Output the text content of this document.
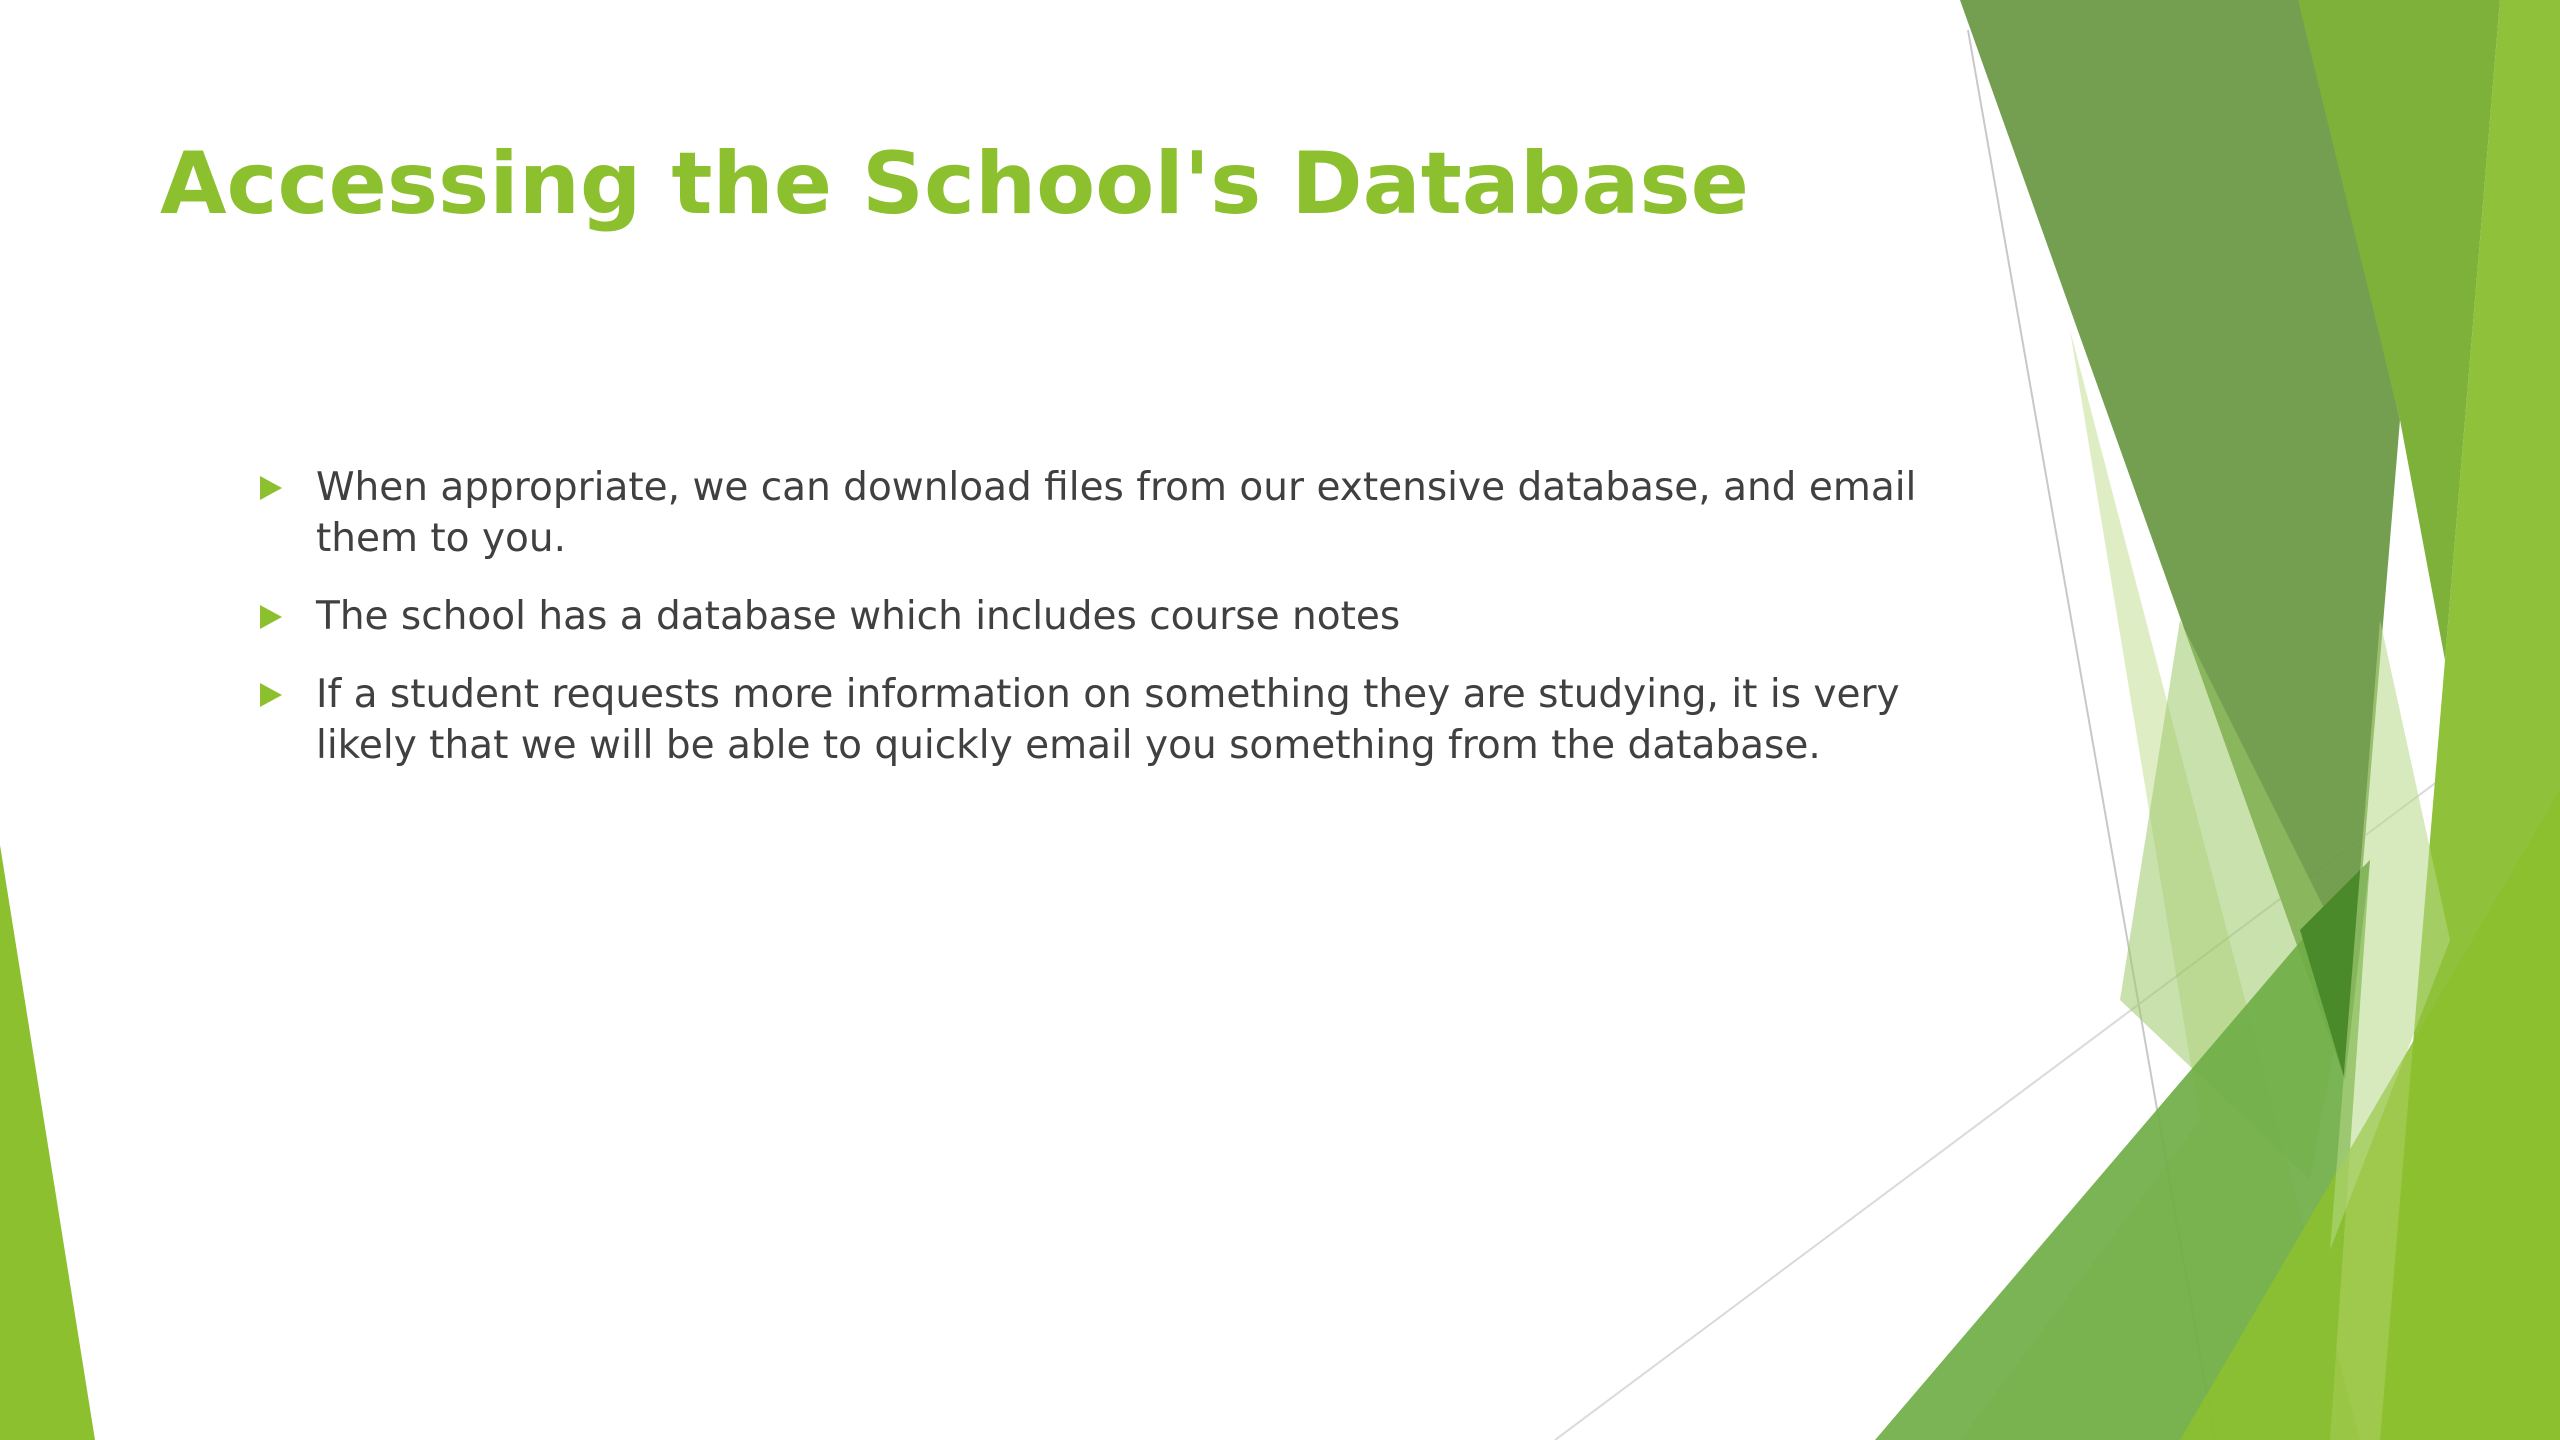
Accessing the School's Database
When appropriate, we can download files from our extensive database, and email them to you.
The school has a database which includes course notes
If a student requests more information on something they are studying, it is very likely that we will be able to quickly email you something from the database.
